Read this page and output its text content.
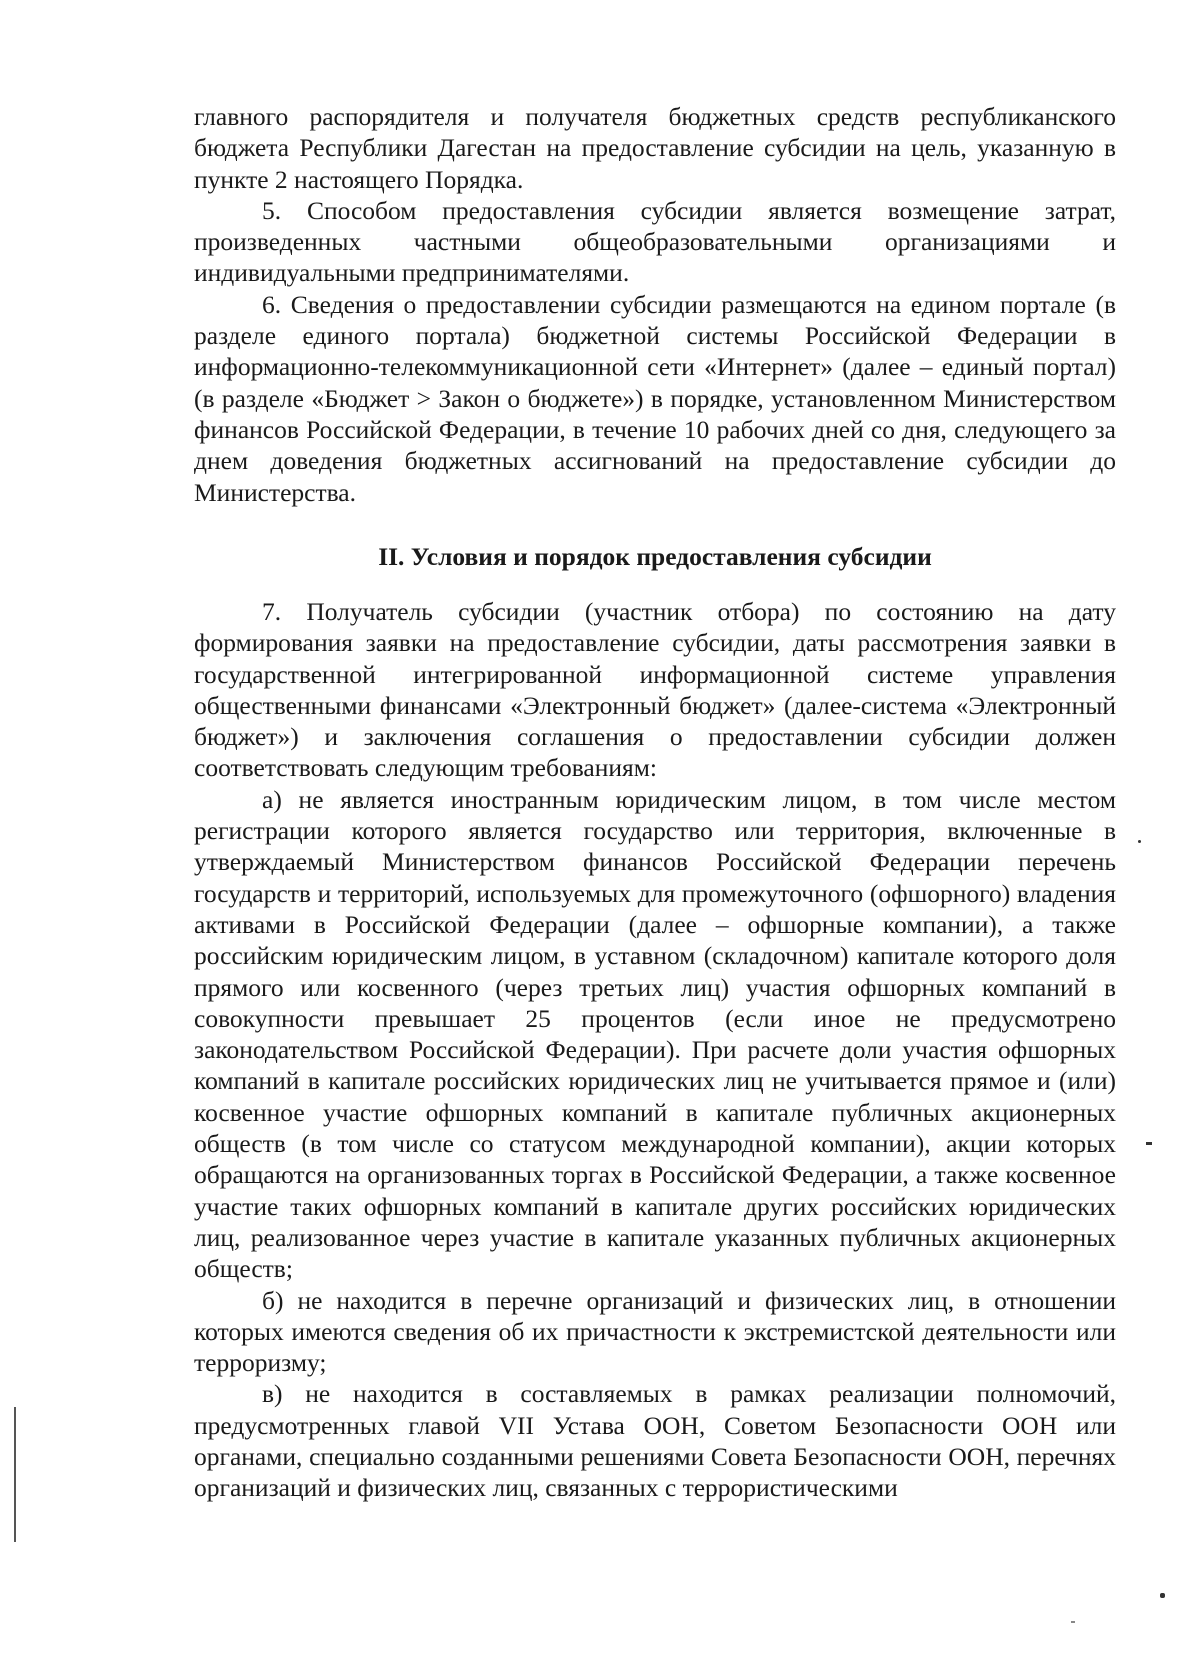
главного распорядителя и получателя бюджетных средств республиканского бюджета Республики Дагестан на предоставление субсидии на цель, указанную в пункте 2 настоящего Порядка.

5. Способом предоставления субсидии является возмещение затрат, произведенных частными общеобразовательными организациями и индивидуальными предпринимателями.

6. Сведения о предоставлении субсидии размещаются на едином портале (в разделе единого портала) бюджетной системы Российской Федерации в информационно-телекоммуникационной сети «Интернет» (далее – единый портал) (в разделе «Бюджет > Закон о бюджете») в порядке, установленном Министерством финансов Российской Федерации, в течение 10 рабочих дней со дня, следующего за днем доведения бюджетных ассигнований на предоставление субсидии до Министерства.

II. Условия и порядок предоставления субсидии

7. Получатель субсидии (участник отбора) по состоянию на дату формирования заявки на предоставление субсидии, даты рассмотрения заявки в государственной интегрированной информационной системе управления общественными финансами «Электронный бюджет» (далее-система «Электронный бюджет») и заключения соглашения о предоставлении субсидии должен соответствовать следующим требованиям:

а) не является иностранным юридическим лицом, в том числе местом регистрации которого является государство или территория, включенные в утверждаемый Министерством финансов Российской Федерации перечень государств и территорий, используемых для промежуточного (офшорного) владения активами в Российской Федерации (далее – офшорные компании), а также российским юридическим лицом, в уставном (складочном) капитале которого доля прямого или косвенного (через третьих лиц) участия офшорных компаний в совокупности превышает 25 процентов (если иное не предусмотрено законодательством Российской Федерации). При расчете доли участия офшорных компаний в капитале российских юридических лиц не учитывается прямое и (или) косвенное участие офшорных компаний в капитале публичных акционерных обществ (в том числе со статусом международной компании), акции которых обращаются на организованных торгах в Российской Федерации, а также косвенное участие таких офшорных компаний в капитале других российских юридических лиц, реализованное через участие в капитале указанных публичных акционерных обществ;

б) не находится в перечне организаций и физических лиц, в отношении которых имеются сведения об их причастности к экстремистской деятельности или терроризму;

в) не находится в составляемых в рамках реализации полномочий, предусмотренных главой VII Устава ООН, Советом Безопасности ООН или органами, специально созданными решениями Совета Безопасности ООН, перечнях организаций и физических лиц, связанных с террористическими
